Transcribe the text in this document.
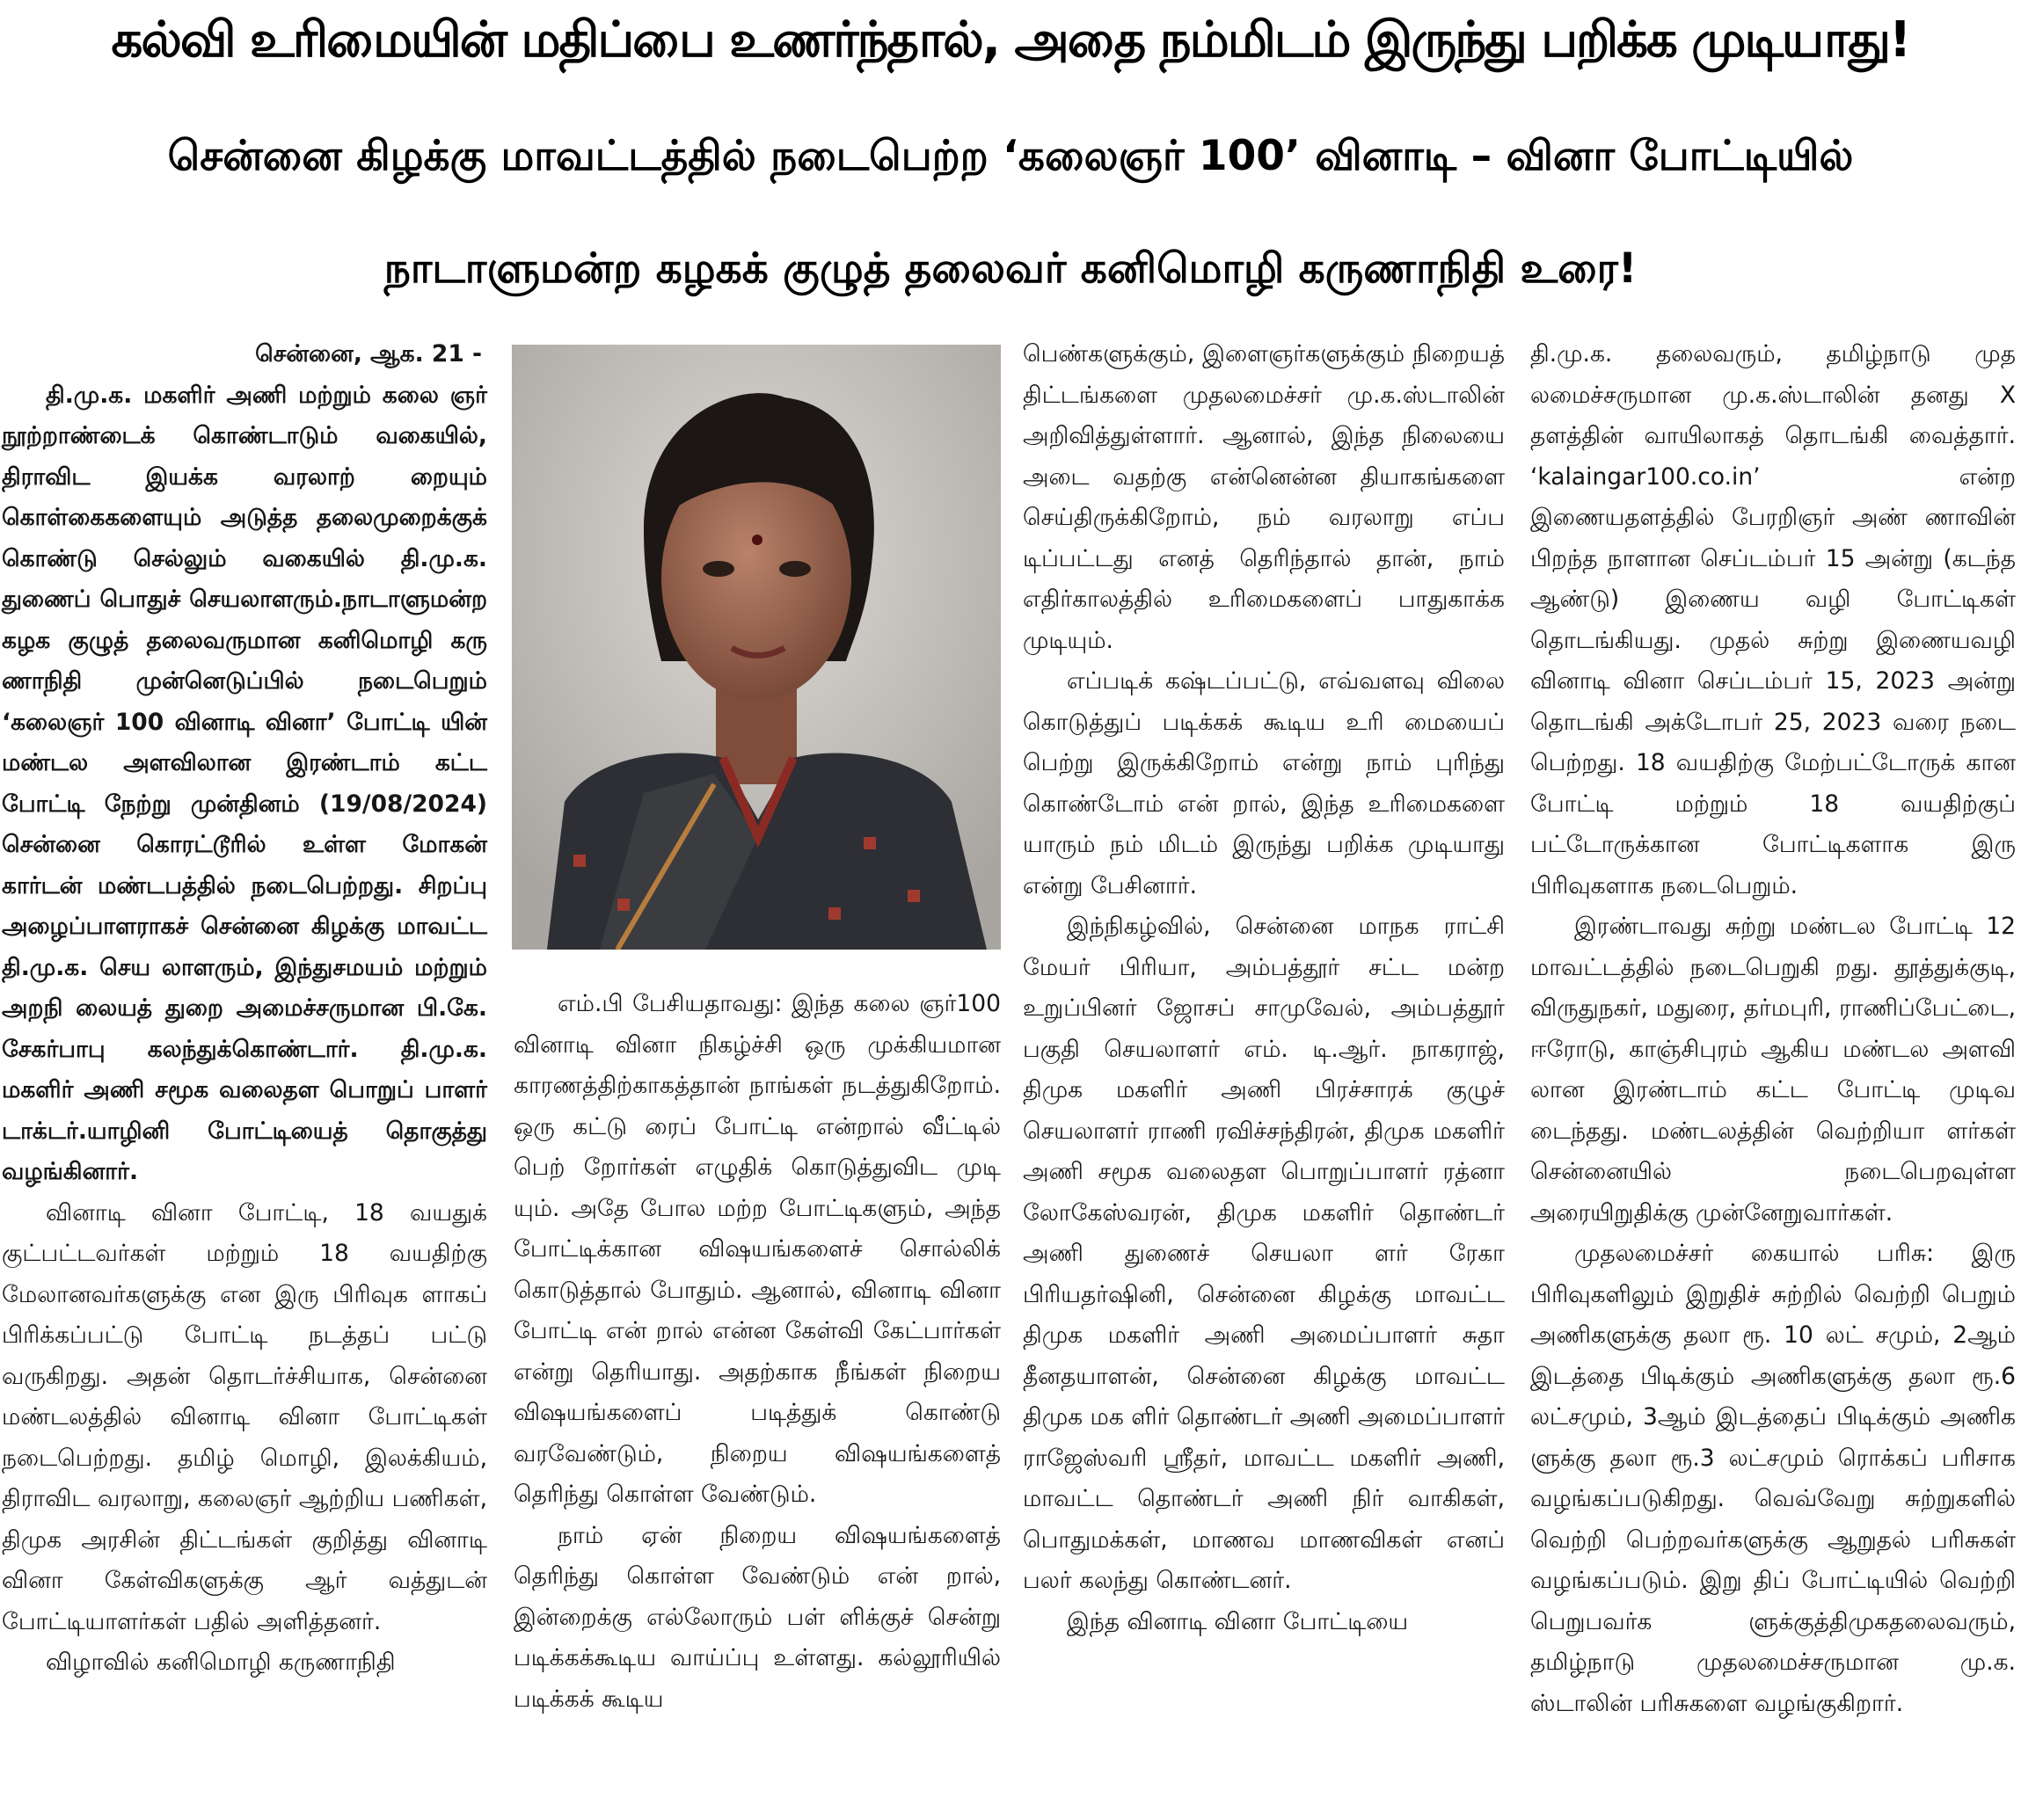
கல்வி உரிமையின் மதிப்பை உணர்ந்தால், அதை நம்மிடம் இருந்து பறிக்க முடியாது!
சென்னை கிழக்கு மாவட்டத்தில் நடைபெற்ற ‘கலைஞர் 100’ வினாடி – வினா போட்டியில்
நாடாளுமன்ற கழகக் குழுத் தலைவர் கனிமொழி கருணாநிதி உரை!
சென்னை, ஆக. 21 -

தி.மு.க. மகளிர் அணி மற்றும் கலை ஞர் நூற்றாண்டைக் கொண்டாடும் வகையில், திராவிட இயக்க வரலாற் றையும் கொள்கைகளையும் அடுத்த தலைமுறைக்குக் கொண்டு செல்லும் வகையில் தி.மு.க. துணைப் பொதுச் செயலாளரும்.நாடாளுமன்ற கழக குழுத் தலைவருமான கனிமொழி கரு ணாநிதி முன்னெடுப்பில் நடைபெறும் ‘கலைஞர் 100 வினாடி வினா’ போட்டி யின் மண்டல அளவிலான இரண்டாம் கட்ட போட்டி நேற்று முன்தினம் (19/08/2024) சென்னை கொரட்டூரில் உள்ள மோகன் கார்டன் மண்டபத்தில் நடைபெற்றது. சிறப்பு அழைப்பாளராகச் சென்னை கிழக்கு மாவட்ட தி.மு.க. செய லாளரும், இந்துசமயம் மற்றும் அறநி லையத் துறை அமைச்சருமான பி.கே. சேகர்பாபு கலந்துக்கொண்டார். தி.மு.க. மகளிர் அணி சமூக வலைதள பொறுப் பாளர் டாக்டர்.யாழினி போட்டியைத் தொகுத்து வழங்கினார்.

வினாடி வினா போட்டி, 18 வயதுக் குட்பட்டவர்கள் மற்றும் 18 வயதிற்கு மேலானவர்களுக்கு என இரு பிரிவுக ளாகப் பிரிக்கப்பட்டு போட்டி நடத்தப் பட்டு வருகிறது. அதன் தொடர்ச்சியாக, சென்னை மண்டலத்தில் வினாடி வினா போட்டிகள் நடைபெற்றது. தமிழ் மொழி, இலக்கியம், திராவிட வரலாறு, கலைஞர் ஆற்றிய பணிகள், திமுக அரசின் திட்டங்கள் குறித்து வினாடி வினா கேள்விகளுக்கு ஆர் வத்துடன் போட்டியாளர்கள் பதில் அளித்தனர்.

விழாவில் கனிமொழி கருணாநிதி

எம்.பி பேசியதாவது: இந்த கலை ஞர்100 வினாடி வினா நிகழ்ச்சி ஒரு முக்கியமான காரணத்திற்காகத்தான் நாங்கள் நடத்துகிறோம். ஒரு கட்டு ரைப் போட்டி என்றால் வீட்டில் பெற் றோர்கள் எழுதிக் கொடுத்துவிட முடி யும். அதே போல மற்ற போட்டிகளும், அந்த போட்டிக்கான விஷயங்களைச் சொல்லிக் கொடுத்தால் போதும். ஆனால், வினாடி வினா போட்டி என் றால் என்ன கேள்வி கேட்பார்கள் என்று தெரியாது. அதற்காக நீங்கள் நிறைய விஷயங்களைப் படித்துக் கொண்டு வரவேண்டும், நிறைய விஷயங்களைத் தெரிந்து கொள்ள வேண்டும்.

நாம் ஏன் நிறைய விஷயங்களைத் தெரிந்து கொள்ள வேண்டும் என் றால், இன்றைக்கு எல்லோரும் பள் ளிக்குச் சென்று படிக்கக்கூடிய வாய்ப்பு உள்ளது. கல்லூரியில் படிக்கக் கூடிய

பெண்களுக்கும், இளைஞர்களுக்கும் நிறையத் திட்டங்களை முதலமைச்சர் மு.க.ஸ்டாலின் அறிவித்துள்ளார். ஆனால், இந்த நிலையை அடை வதற்கு என்னென்ன தியாகங்களை செய்திருக்கிறோம், நம் வரலாறு எப்ப டிப்பட்டது எனத் தெரிந்தால் தான், நாம் எதிர்காலத்தில் உரிமைகளைப் பாதுகாக்க முடியும்.

எப்படிக் கஷ்டப்பட்டு, எவ்வளவு விலை கொடுத்துப் படிக்கக் கூடிய உரி மையைப் பெற்று இருக்கிறோம் என்று நாம் புரிந்து கொண்டோம் என் றால், இந்த உரிமைகளை யாரும் நம் மிடம் இருந்து பறிக்க முடியாது என்று பேசினார்.

இந்நிகழ்வில், சென்னை மாநக ராட்சி மேயர் பிரியா, அம்பத்தூர் சட்ட மன்ற உறுப்பினர் ஜோசப் சாமுவேல், அம்பத்தூர் பகுதி செயலாளர் எம். டி.ஆர். நாகராஜ், திமுக மகளிர் அணி பிரச்சாரக் குழுச் செயலாளர் ராணி ரவிச்சந்திரன், திமுக மகளிர் அணி சமூக வலைதள பொறுப்பாளர் ரத்னா லோகேஸ்வரன், திமுக மகளிர் தொண்டர் அணி துணைச் செயலா ளர் ரேகா பிரியதர்ஷினி, சென்னை கிழக்கு மாவட்ட திமுக மகளிர் அணி அமைப்பாளர் சுதா தீனதயாளன், சென்னை கிழக்கு மாவட்ட திமுக மக ளிர் தொண்டர் அணி அமைப்பாளர் ராஜேஸ்வரி ஸ்ரீதர், மாவட்ட மகளிர் அணி, மாவட்ட தொண்டர் அணி நிர் வாகிகள், பொதுமக்கள், மாணவ மாணவிகள் எனப் பலர் கலந்து கொண்டனர்.

இந்த வினாடி வினா போட்டியை

தி.மு.க. தலைவரும், தமிழ்நாடு முத லமைச்சருமான மு.க.ஸ்டாலின் தனது X தளத்தின் வாயிலாகத் தொடங்கி வைத்தார். ‘kalaingar100.co.in’ என்ற இணையதளத்தில் பேரறிஞர் அண் ணாவின் பிறந்த நாளான செப்டம்பர் 15 அன்று (கடந்த ஆண்டு) இணைய வழி போட்டிகள் தொடங்கியது. முதல் சுற்று இணையவழி வினாடி வினா செப்டம்பர் 15, 2023 அன்று தொடங்கி அக்டோபர் 25, 2023 வரை நடை பெற்றது. 18 வயதிற்கு மேற்பட்டோருக் கான போட்டி மற்றும் 18 வயதிற்குப் பட்டோருக்கான போட்டிகளாக இரு பிரிவுகளாக நடைபெறும்.

இரண்டாவது சுற்று மண்டல போட்டி 12 மாவட்டத்தில் நடைபெறுகி றது. தூத்துக்குடி, விருதுநகர், மதுரை, தர்மபுரி, ராணிப்பேட்டை, ஈரோடு, காஞ்சிபுரம் ஆகிய மண்டல அளவி லான இரண்டாம் கட்ட போட்டி முடிவ டைந்தது. மண்டலத்தின் வெற்றியா ளர்கள் சென்னையில் நடைபெறவுள்ள அரையிறுதிக்கு முன்னேறுவார்கள்.

முதலமைச்சர் கையால் பரிசு: இரு பிரிவுகளிலும் இறுதிச் சுற்றில் வெற்றி பெறும் அணிகளுக்கு தலா ரூ. 10 லட் சமும், 2ஆம் இடத்தை பிடிக்கும் அணிகளுக்கு தலா ரூ.6 லட்சமும், 3ஆம் இடத்தைப் பிடிக்கும் அணிக ளுக்கு தலா ரூ.3 லட்சமும் ரொக்கப் பரிசாக வழங்கப்படுகிறது. வெவ்வேறு சுற்றுகளில் வெற்றி பெற்றவர்களுக்கு ஆறுதல் பரிசுகள் வழங்கப்படும். இறு திப் போட்டியில் வெற்றி பெறுபவர்க ளுக்குத்திமுகதலைவரும், தமிழ்நாடு முதலமைச்சருமான மு.க. ஸ்டாலின் பரிசுகளை வழங்குகிறார்.
